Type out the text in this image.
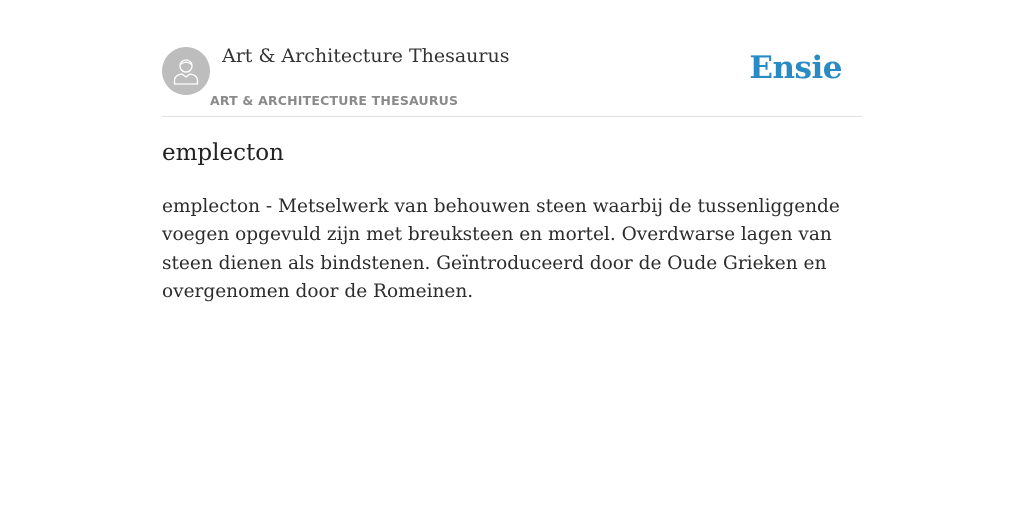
Art & Architecture Thesaurus
ART & ARCHITECTURE THESAURUS
Ensie
emplecton

emplecton - Metselwerk van behouwen steen waarbij de tussenliggende voegen opgevuld zijn met breuksteen en mortel. Overdwarse lagen van steen dienen als bindstenen. Geïntroduceerd door de Oude Grieken en overgenomen door de Romeinen.
